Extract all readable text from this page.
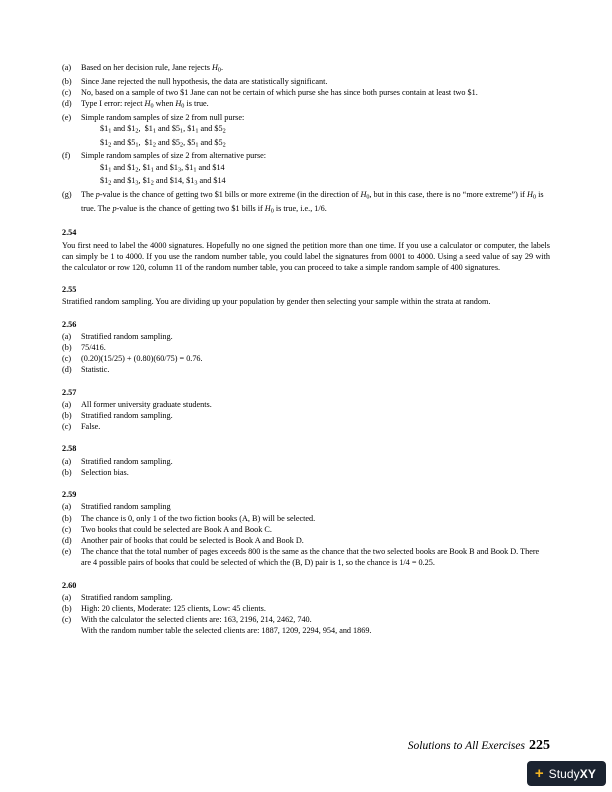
(a)	Based on her decision rule, Jane rejects $H_0$.
(b)	Since Jane rejected the null hypothesis, the data are statistically significant.
(c)	No, based on a sample of two $1 Jane can not be certain of which purse she has since both purses contain at least two $1.
(d)	Type I error: reject $H_0$ when $H_0$ is true.
(e)	Simple random samples of size 2 from null purse:
$\$1_1$ and $\$1_2$, $\$1_1$ and $\$5_1$, $\$1_1$ and $\$5_2$
$\$1_2$ and $\$5_1$, $\$1_2$ and $\$5_2$, $\$5_1$ and $\$5_2$
(f)	Simple random samples of size 2 from alternative purse:
$\$1_1$ and $\$1_2$, $\$1_1$ and $\$1_3$, $\$1_1$ and $14
$\$1_2$ and $\$1_3$, $\$1_2$ and $14, $\$1_3$ and $14
(g)	The p-value is the chance of getting two $1 bills or more extreme (in the direction of $H_0$, but in this case, there is no “more extreme”) if $H_0$ is true. The p-value is the chance of getting two $1 bills if $H_0$ is true, i.e., 1/6.
2.54
You first need to label the 4000 signatures. Hopefully no one signed the petition more than one time. If you use a calculator or computer, the labels can simply be 1 to 4000. If you use the random number table, you could label the signatures from 0001 to 4000. Using a seed value of say 29 with the calculator or row 120, column 11 of the random number table, you can proceed to take a simple random sample of 400 signatures.
2.55
Stratified random sampling. You are dividing up your population by gender then selecting your sample within the strata at random.
2.56
(a)	Stratified random sampling.
(b)	75/416.
(c)	(0.20)(15/25) + (0.80)(60/75) = 0.76.
(d)	Statistic.
2.57
(a)	All former university graduate students.
(b)	Stratified random sampling.
(c)	False.
2.58
(a)	Stratified random sampling.
(b)	Selection bias.
2.59
(a)	Stratified random sampling
(b)	The chance is 0, only 1 of the two fiction books (A, B) will be selected.
(c)	Two books that could be selected are Book A and Book C.
(d)	Another pair of books that could be selected is Book A and Book D.
(e)	The chance that the total number of pages exceeds 800 is the same as the chance that the two selected books are Book B and Book D. There are 4 possible pairs of books that could be selected of which the (B, D) pair is 1, so the chance is 1/4 = 0.25.
2.60
(a)	Stratified random sampling.
(b)	High: 20 clients, Moderate: 125 clients, Low: 45 clients.
(c)	With the calculator the selected clients are: 163, 2196, 214, 2462, 740.
With the random number table the selected clients are: 1887, 1209, 2294, 954, and 1869.
Solutions to All Exercises 225
+ StudyXY
